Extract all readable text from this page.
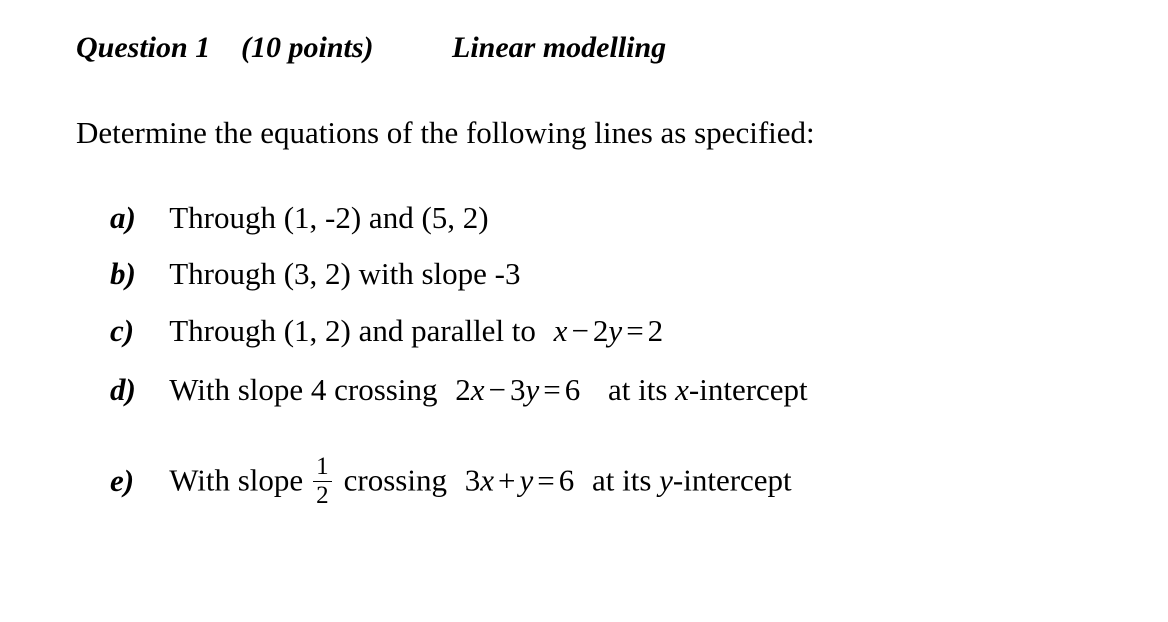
Question 1 (10 points)	Linear modelling
Determine the equations of the following lines as specified:
a) Through (1, -2) and (5, 2)
b) Through (3, 2) with slope -3
c) Through (1, 2) and parallel to x − 2y = 2
d) With slope 4 crossing 2x − 3y = 6 at its x-intercept
e) With slope $\frac{1}{2}$ crossing 3x + y = 6 at its y-intercept
